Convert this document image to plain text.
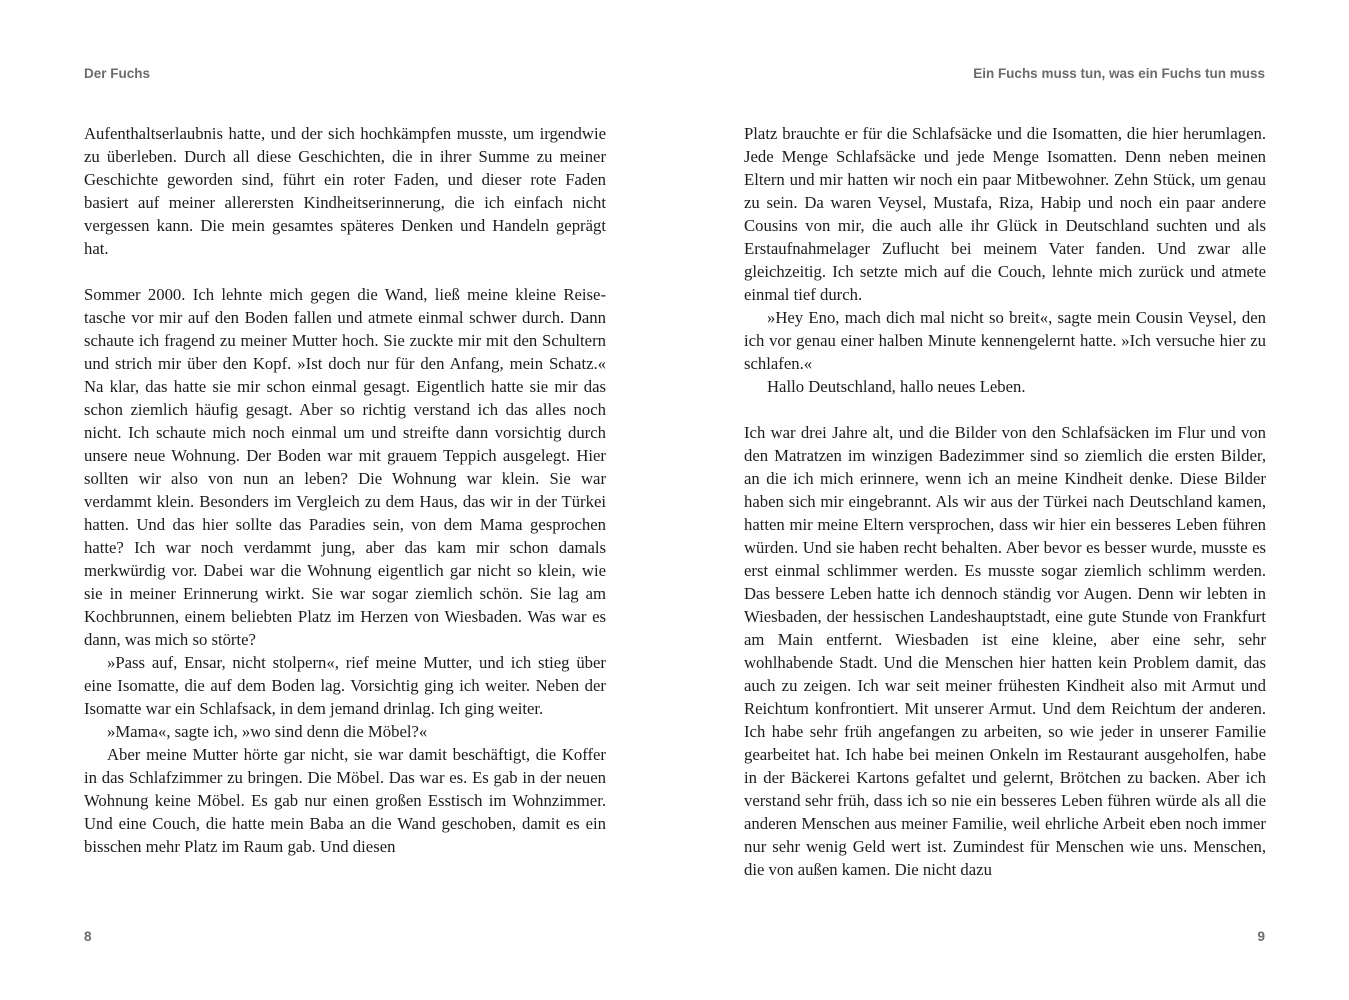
Der Fuchs

Aufenthaltserlaubnis hatte, und der sich hochkämpfen musste, um irgendwie zu überleben. Durch all diese Geschichten, die in ihrer Summe zu meiner Geschichte geworden sind, führt ein roter Faden, und dieser rote Faden basiert auf meiner allerersten Kindheitserinnerung, die ich einfach nicht vergessen kann. Die mein gesamtes späteres Denken und Handeln geprägt hat.

Sommer 2000. Ich lehnte mich gegen die Wand, ließ meine kleine Reisetasche vor mir auf den Boden fallen und atmete einmal schwer durch. Dann schaute ich fragend zu meiner Mutter hoch. Sie zuckte mir mit den Schultern und strich mir über den Kopf. »Ist doch nur für den Anfang, mein Schatz.« Na klar, das hatte sie mir schon einmal gesagt. Eigentlich hatte sie mir das schon ziemlich häufig gesagt. Aber so richtig verstand ich das alles noch nicht. Ich schaute mich noch einmal um und streifte dann vorsichtig durch unsere neue Wohnung. Der Boden war mit grauem Teppich ausgelegt. Hier sollten wir also von nun an leben? Die Wohnung war klein. Sie war verdammt klein. Besonders im Vergleich zu dem Haus, das wir in der Türkei hatten. Und das hier sollte das Paradies sein, von dem Mama gesprochen hatte? Ich war noch verdammt jung, aber das kam mir schon damals merkwürdig vor. Dabei war die Wohnung eigentlich gar nicht so klein, wie sie in meiner Erinnerung wirkt. Sie war sogar ziemlich schön. Sie lag am Kochbrunnen, einem beliebten Platz im Herzen von Wiesbaden. Was war es dann, was mich so störte?

»Pass auf, Ensar, nicht stolpern«, rief meine Mutter, und ich stieg über eine Isomatte, die auf dem Boden lag. Vorsichtig ging ich weiter. Neben der Isomatte war ein Schlafsack, in dem jemand drinlag. Ich ging weiter.

»Mama«, sagte ich, »wo sind denn die Möbel?«

Aber meine Mutter hörte gar nicht, sie war damit beschäftigt, die Koffer in das Schlafzimmer zu bringen. Die Möbel. Das war es. Es gab in der neuen Wohnung keine Möbel. Es gab nur einen großen Esstisch im Wohnzimmer. Und eine Couch, die hatte mein Baba an die Wand geschoben, damit es ein bisschen mehr Platz im Raum gab. Und diesen

8
Ein Fuchs muss tun, was ein Fuchs tun muss

Platz brauchte er für die Schlafsäcke und die Isomatten, die hier herumlagen. Jede Menge Schlafsäcke und jede Menge Isomatten. Denn neben meinen Eltern und mir hatten wir noch ein paar Mitbewohner. Zehn Stück, um genau zu sein. Da waren Veysel, Mustafa, Riza, Habip und noch ein paar andere Cousins von mir, die auch alle ihr Glück in Deutschland suchten und als Erstaufnahmelager Zuflucht bei meinem Vater fanden. Und zwar alle gleichzeitig. Ich setzte mich auf die Couch, lehnte mich zurück und atmete einmal tief durch.

»Hey Eno, mach dich mal nicht so breit«, sagte mein Cousin Veysel, den ich vor genau einer halben Minute kennengelernt hatte. »Ich versuche hier zu schlafen.«

Hallo Deutschland, hallo neues Leben.

Ich war drei Jahre alt, und die Bilder von den Schlafsäcken im Flur und von den Matratzen im winzigen Badezimmer sind so ziemlich die ersten Bilder, an die ich mich erinnere, wenn ich an meine Kindheit denke. Diese Bilder haben sich mir eingebrannt. Als wir aus der Türkei nach Deutschland kamen, hatten mir meine Eltern versprochen, dass wir hier ein besseres Leben führen würden. Und sie haben recht behalten. Aber bevor es besser wurde, musste es erst einmal schlimmer werden. Es musste sogar ziemlich schlimm werden. Das bessere Leben hatte ich dennoch ständig vor Augen. Denn wir lebten in Wiesbaden, der hessischen Landeshauptstadt, eine gute Stunde von Frankfurt am Main entfernt. Wiesbaden ist eine kleine, aber eine sehr, sehr wohlhabende Stadt. Und die Menschen hier hatten kein Problem damit, das auch zu zeigen. Ich war seit meiner frühesten Kindheit also mit Armut und Reichtum konfrontiert. Mit unserer Armut. Und dem Reichtum der anderen. Ich habe sehr früh angefangen zu arbeiten, so wie jeder in unserer Familie gearbeitet hat. Ich habe bei meinen Onkeln im Restaurant ausgeholfen, habe in der Bäckerei Kartons gefaltet und gelernt, Brötchen zu backen. Aber ich verstand sehr früh, dass ich so nie ein besseres Leben führen würde als all die anderen Menschen aus meiner Familie, weil ehrliche Arbeit eben noch immer nur sehr wenig Geld wert ist. Zumindest für Menschen wie uns. Menschen, die von außen kamen. Die nicht dazu

9
